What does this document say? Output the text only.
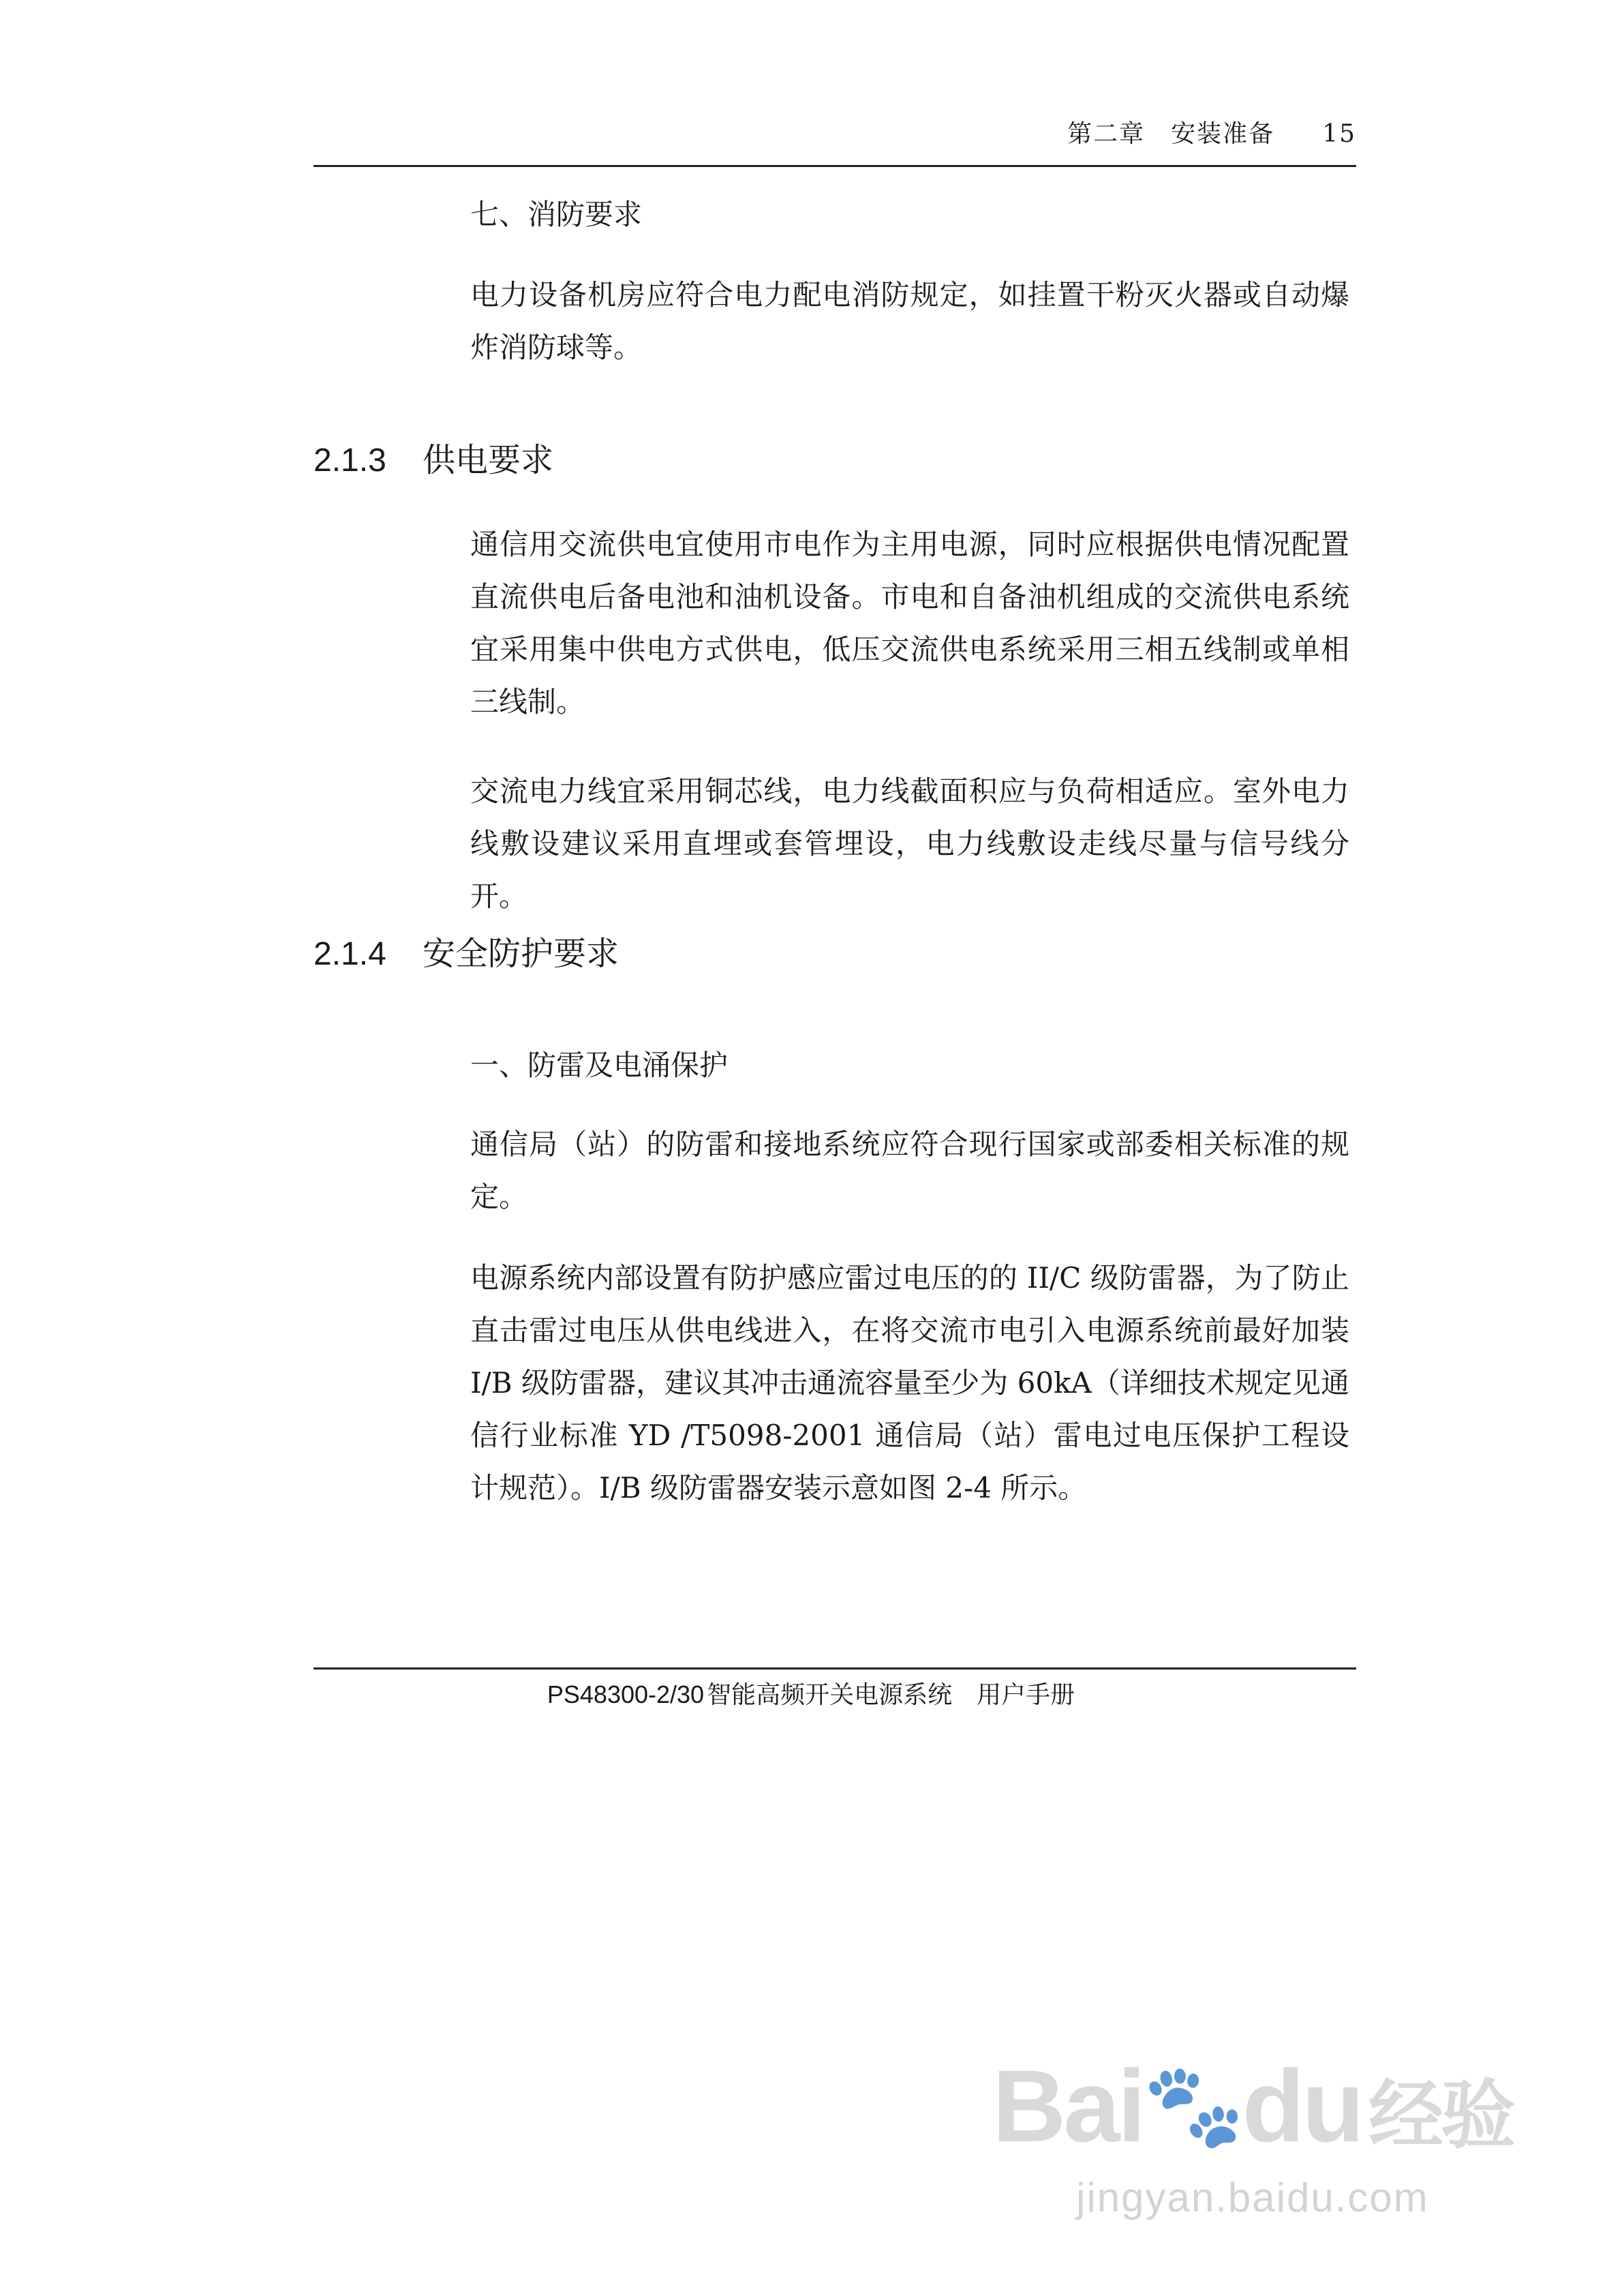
第二章　安装准备 15
七、消防要求
电力设备机房应符合电力配电消防规定，如挂置干粉灭火器或自动爆炸消防球等。
2.1.3 供电要求
通信用交流供电宜使用市电作为主用电源，同时应根据供电情况配置直流供电后备电池和油机设备。市电和自备油机组成的交流供电系统宜采用集中供电方式供电，低压交流供电系统采用三相五线制或单相三线制。
交流电力线宜采用铜芯线，电力线截面积应与负荷相适应。室外电力线敷设建议采用直埋或套管埋设，电力线敷设走线尽量与信号线分开。
2.1.4 安全防护要求
一、防雷及电涌保护
通信局（站）的防雷和接地系统应符合现行国家或部委相关标准的规定。
电源系统内部设置有防护感应雷过电压的的 II/C 级防雷器，为了防止直击雷过电压从供电线进入，在将交流市电引入电源系统前最好加装 I/B 级防雷器，建议其冲击通流容量至少为 60kA（详细技术规定见通信行业标准 YD /T5098-2001 通信局（站）雷电过电压保护工程设计规范）。I/B 级防雷器安装示意如图 2-4 所示。
PS48300-2/30 智能高频开关电源系统　用户手册
Bai🐾du经验
jingyan.baidu.com
